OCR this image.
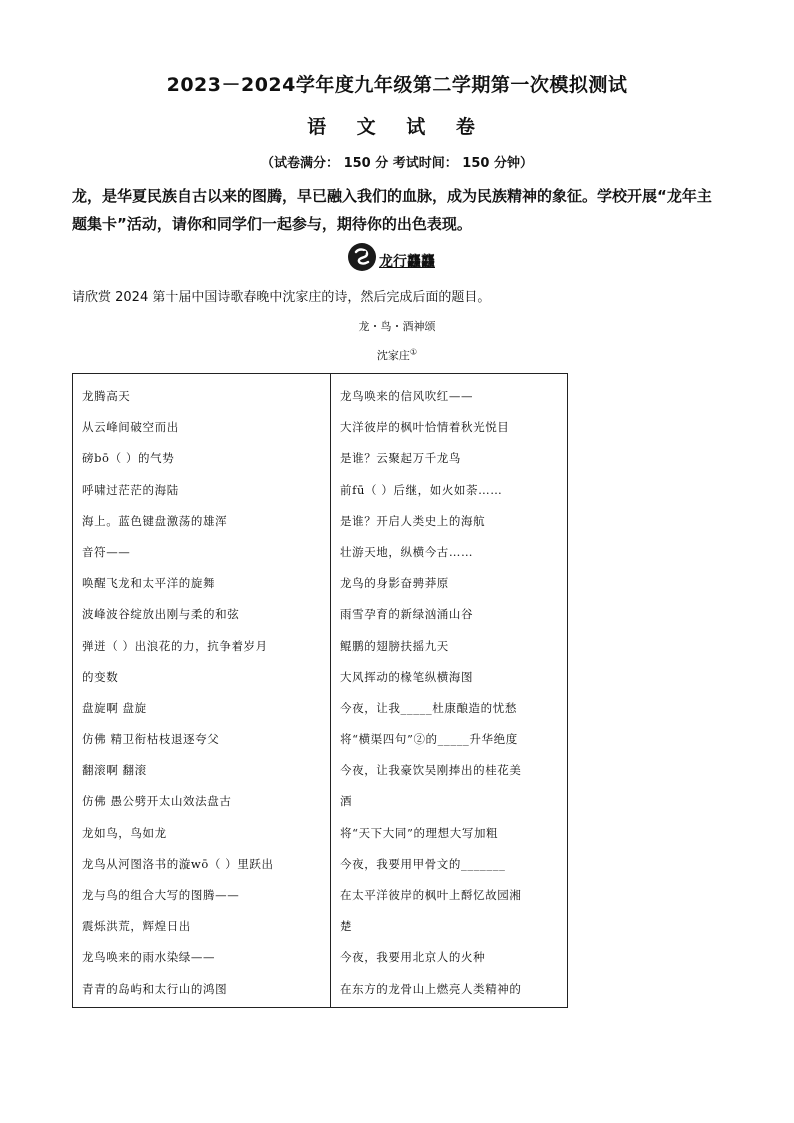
2023－2024学年度九年级第二学期第一次模拟测试
语 文 试 卷
（试卷满分： 150 分 考试时间： 150 分钟）
龙，是华夏民族自古以来的图腾，早已融入我们的血脉，成为民族精神的象征。学校开展“龙年主题集卡”活动，请你和同学们一起参与，期待你的出色表现。
龙行龘龘
请欣赏 2024 第十届中国诗歌春晚中沈家庄的诗，然后完成后面的题目。
龙・鸟・酒神颂
沈家庄①
龙腾高天
从云峰间破空而出
磅bō（ ）的气势
呼啸过茫茫的海陆
海上。蓝色键盘激荡的雄浑
音符——
唤醒飞龙和太平洋的旋舞
波峰波谷绽放出刚与柔的和弦
弹迸（ ）出浪花的力，抗争着岁月
的变数
盘旋啊 盘旋
仿佛 精卫衔枯枝退逐夸父
翻滚啊 翻滚
仿佛 愚公劈开太山效法盘古
龙如鸟，鸟如龙
龙鸟从河图洛书的漩wō（ ）里跃出
龙与鸟的组合大写的图腾——
震烁洪荒，辉煌日出
龙鸟唤来的雨水染绿——
青青的岛屿和太行山的鸿图
龙鸟唤来的信风吹红——
大洋彼岸的枫叶恰情着秋光悦目
是谁？云聚起万千龙鸟
前fū（ ）后继，如火如荼……
是谁？开启人类史上的海航
壮游天地，纵横今古……
龙鸟的身影奋骋莽原
雨雪孕育的新绿汹涌山谷
鲲鹏的翅膀扶摇九天
大风挥动的椽笔纵横海图
今夜，让我_____杜康酿造的忧愁
将“横渠四句”②的_____升华绝度
今夜，让我豪饮吴刚捧出的桂花美
酒
将“天下大同”的理想大写加粗
今夜，我要用甲骨文的_______
在太平洋彼岸的枫叶上酹忆故园湘
楚
今夜，我要用北京人的火种
在东方的龙骨山上燃亮人类精神的
